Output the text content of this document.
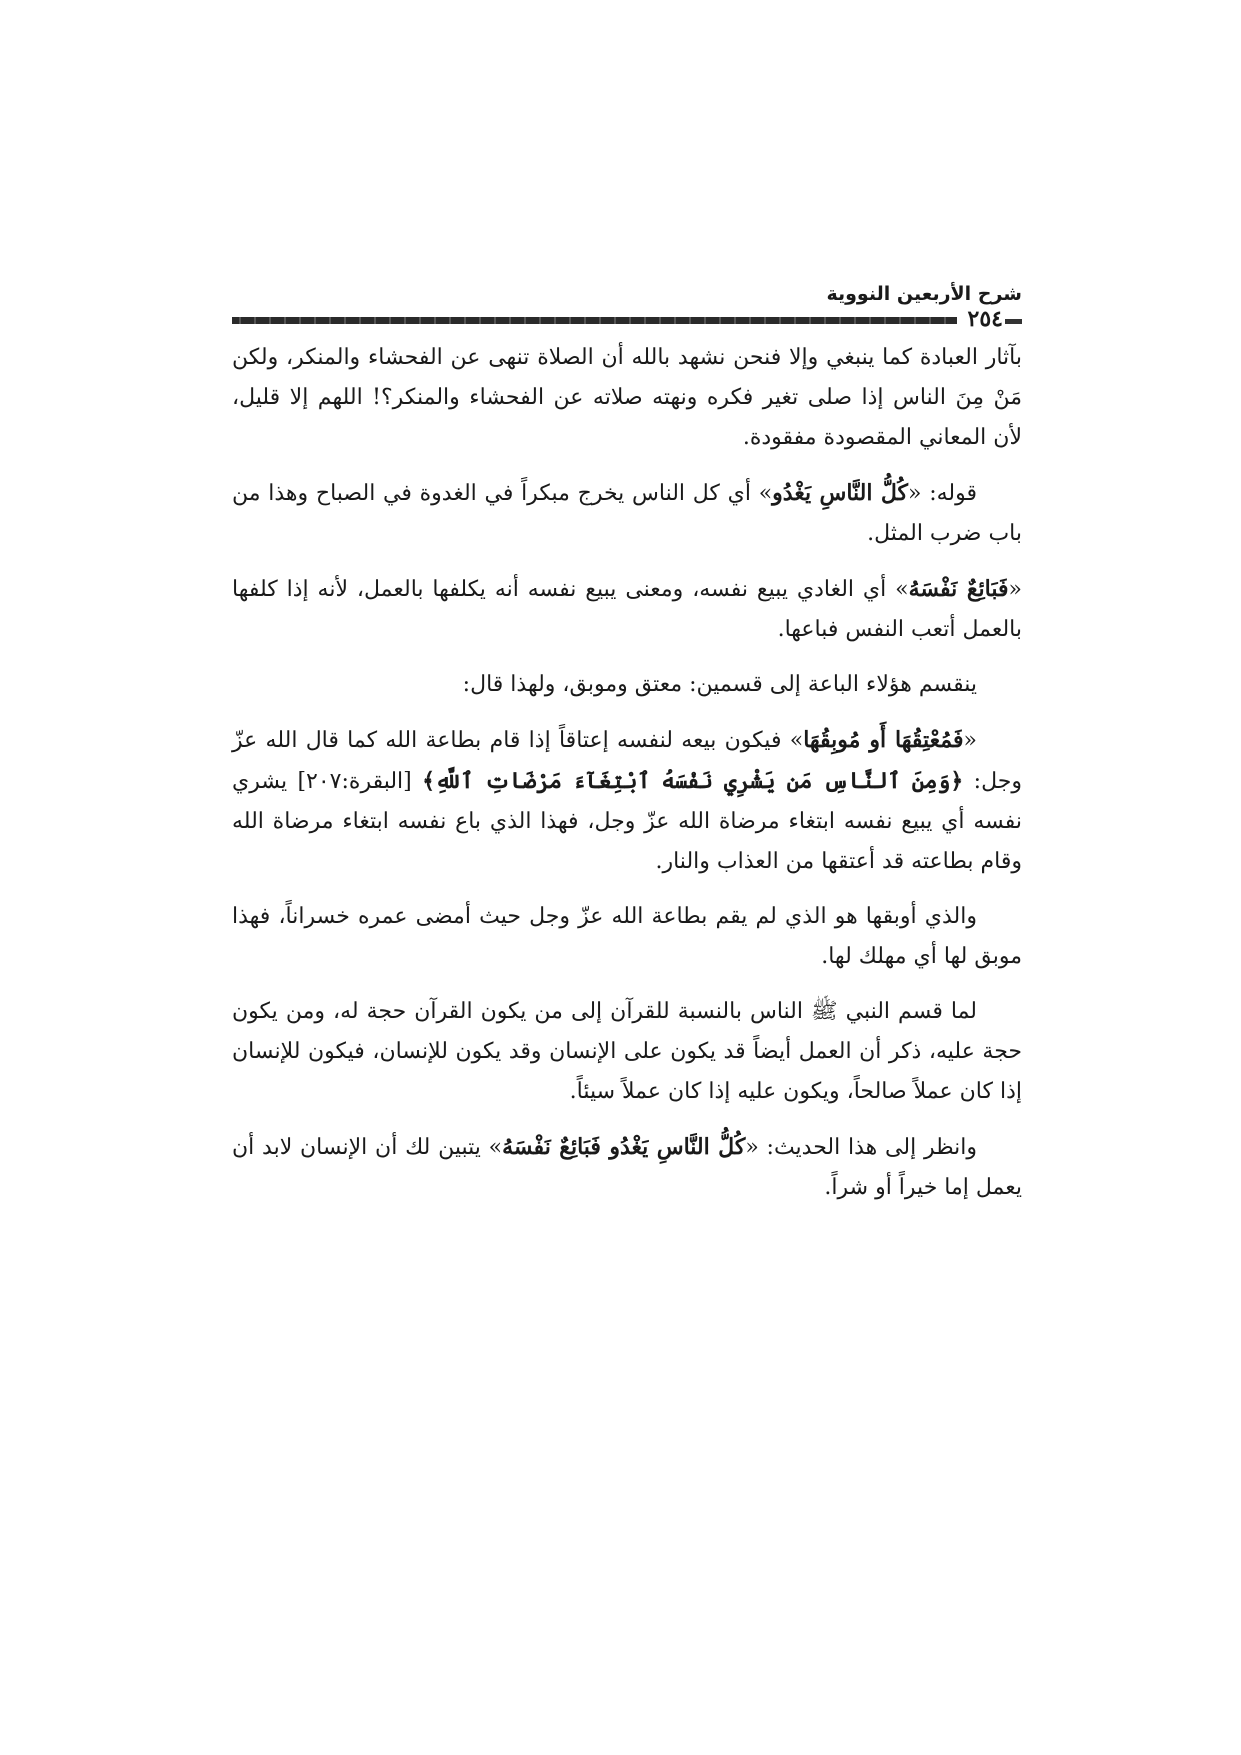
شرح الأربعين النووية
٢٥٤

بآثار العبادة كما ينبغي وإلا فنحن نشهد بالله أن الصلاة تنهى عن الفحشاء والمنكر، ولكن مَنْ مِنَ الناس إذا صلى تغير فكره ونهته صلاته عن الفحشاء والمنكر؟! اللهم إلا قليل، لأن المعاني المقصودة مفقودة.

قوله: «كُلُّ النَّاسِ يَغْدُو» أي كل الناس يخرج مبكراً في الغدوة في الصباح وهذا من باب ضرب المثل.

«فَبَائِعٌ نَفْسَهُ» أي الغادي يبيع نفسه، ومعنى يبيع نفسه أنه يكلفها بالعمل، لأنه إذا كلفها بالعمل أتعب النفس فباعها.

ينقسم هؤلاء الباعة إلى قسمين: معتق وموبق، ولهذا قال:

«فَمُعْتِقُهَا أَو مُوبِقُهَا» فيكون بيعه لنفسه إعتاقاً إذا قام بطاعة الله كما قال الله عزّ وجل: ﴿وَمِنَ ٱلنَّاسِ مَن يَشْرِي نَفْسَهُ ٱبْتِغَآءَ مَرْضَاتِ ٱللَّهِ﴾ [البقرة:٢٠٧] يشري نفسه أي يبيع نفسه ابتغاء مرضاة الله عزّ وجل، فهذا الذي باع نفسه ابتغاء مرضاة الله وقام بطاعته قد أعتقها من العذاب والنار.

والذي أوبقها هو الذي لم يقم بطاعة الله عزّ وجل حيث أمضى عمره خسراناً، فهذا موبق لها أي مهلك لها.

لما قسم النبي ﷺ الناس بالنسبة للقرآن إلى من يكون القرآن حجة له، ومن يكون حجة عليه، ذكر أن العمل أيضاً قد يكون على الإنسان وقد يكون للإنسان، فيكون للإنسان إذا كان عملاً صالحاً، ويكون عليه إذا كان عملاً سيئاً.

وانظر إلى هذا الحديث: «كُلُّ النَّاسِ يَغْدُو فَبَائِعٌ نَفْسَهُ» يتبين لك أن الإنسان لابد أن يعمل إما خيراً أو شراً.
